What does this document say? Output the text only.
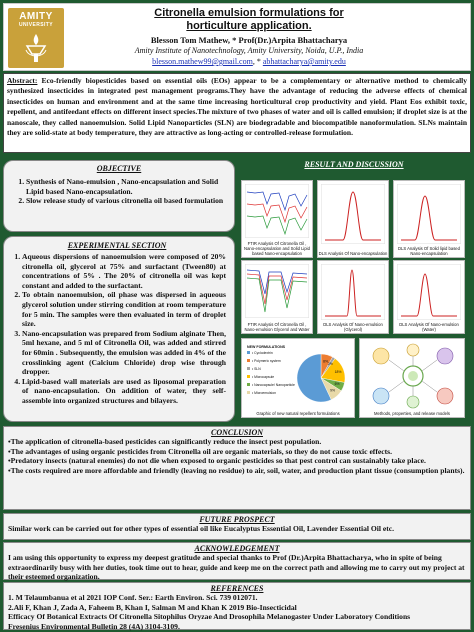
AMITY
UNIVERSITY
Citronella emulsion formulations for
horticulture application.
Blesson Tom Mathew, * Prof(Dr.)Arpita Bhattacharya
Amity Institute of Nanotechnology, Amity University, Noida, U.P., India
blesson.mathew99@gmail.com, * abhattacharya@amity.edu
Abstract: Eco-friendly biopesticides based on essential oils (EOs) appear to be a complementary or alternative method to chemically synthesized insecticides in integrated pest management programs.They have the advantage of reducing the adverse effects of chemical insecticides on human and environment and at the same time increasing horticultural crop productivity and yield. Plant Eos exhibit toxic, repellent, and antifeedant effects on different insect species.The mixture of two phases of water and oil is called emulsion; if droplet size is at the nanoscale, they called nanoemulsion. Solid Lipid Nanoparticles (SLN) are biodegradable and biocompatible nanoformulation. SLNs maintain they are solid-state at body temperature, they are attractive as long-acting or controlled-release formulation.
OBJECTIVE
1. Synthesis of Nano-emulsion , Nano-encapsulation and Solid Lipid based Nano-encapsulation.
2. Slow release study of various citronella oil based formulation
EXPERIMENTAL SECTION
1. Aqueous dispersions of nanoemulsion were composed of 20% citronella oil, glycerol at 75% and surfactant (Tween80) at concentrations of 5% . The 20% of citronella oil was kept constant and added to the surfactant.
2. To obtain nanoemulsion, oil phase was dispersed in aqueous glycerol solution under stirring condition at room temperature for 5 min. The samples were then evaluated in term of droplet size.
3. Nano-encapsulation was prepared from Sodium alginate Then, 5ml hexane, and 5 ml of Citronella Oil, was added and stirred for 60min . Subsequently, the emulsion was added in 4% of the crosslinking agent (Calcium Chloride) drop wise through dropper.
4. Lipid-based wall materials are used as liposomal preparation of nano-encapsulation. On addition of water, they self-assemble into organized structures and bilayers.
RESULT AND DISCUSSION
FTIR Analysis Of Citronella Oil , Nano-encapsulation and Solid Lipid based Nano-encapsulation	DLS Analysis Of Nano-encapsulation
DLS Analysis Of Solid lipid based Nano-encapsulation
FTIR Analysis Of Citronella Oil , Nano-emulsion Glycerol and Water
DLS Analysis Of Nano-emulsion (Glycerol)
DLS Analysis Of Nano-emulsion (Water)
NEW FORMULATIONS
• Cyclodextrin
• Polymeric system
• SLN
• Microcapsule
• Nanocapsule/ Nanoparticle
• Microemulsion
8%
2%
18%
6%
9%
Graphic of new natural repellent formulations	Methods, properties, and release models
CONCLUSION

•The application of citronella-based pesticides can significantly reduce the insect pest population.

•The advantages of using organic pesticides from Citronella oil are organic materials, so they do not cause toxic effects.

•Predatory insects (natural enemies) do not die when exposed to organic pesticides so that pest control can sustainably take place.

•The costs required are more affordable and friendly (leaving no residue) to air, soil, water, and production plant tissue (consumption plants).

FUTURE PROSPECT

Similar work can be carried out for other types of essential oil like Eucalyptus Essential Oil, Lavender Essential Oil etc.

ACKNOWLEDGEMENT

I am using this opportunity to express my deepest gratitude and special thanks to Prof (Dr.)Arpita Bhattacharya, who in spite of being extraordinarily busy with her duties, took time out to hear, guide and keep me on the correct path and allowing me to carry out my project at their esteemed organization.

REFERENCES

1. M Telaumbanua et al 2021 IOP Conf. Ser.: Earth Environ. Sci. 739 012071.

2.Ali F, Khan J, Zada A, Faheem B, Khan I, Salman M and Khan K 2019 Bio-Insecticidal

Efficacy Of Botanical Extracts Of Citronella Sitophilus Oryzae And Drosophila Melanogaster Under Laboratory Conditions

Fresenius Environmental Bulletin 28 (4A) 3104-3109.
